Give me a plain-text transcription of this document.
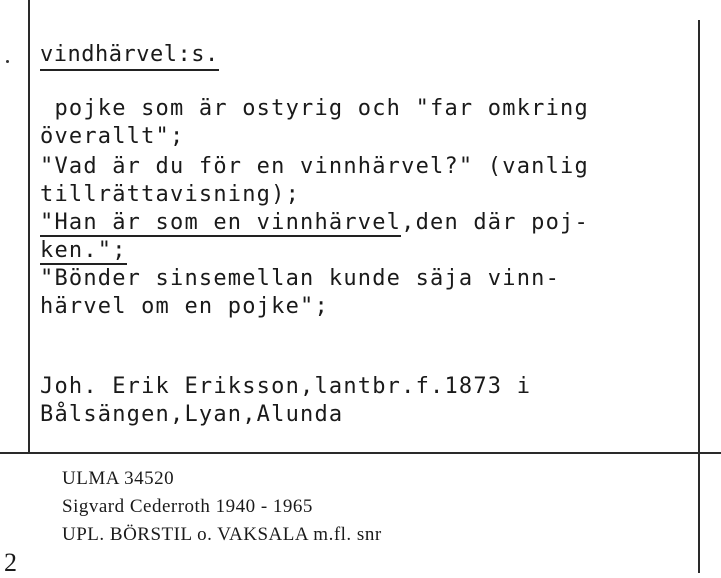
vindhärvel:s.
pojke som är ostyrig och "far omkring
överallt";
"Vad är du för en vinnhärvel?" (vanlig
tillrättavisning);
"Han är som en vinnhärvel,den där poj-
ken.";
"Bönder sinsemellan kunde säja vinn-
härvel om en pojke";
Joh. Erik Eriksson,lantbr.f.1873 i
Bålsängen,Lyan,Alunda
ULMA 34520
Sigvard Cederroth 1940 - 1965
UPL. BÖRSTIL o. VAKSALA m.fl. snr
2
